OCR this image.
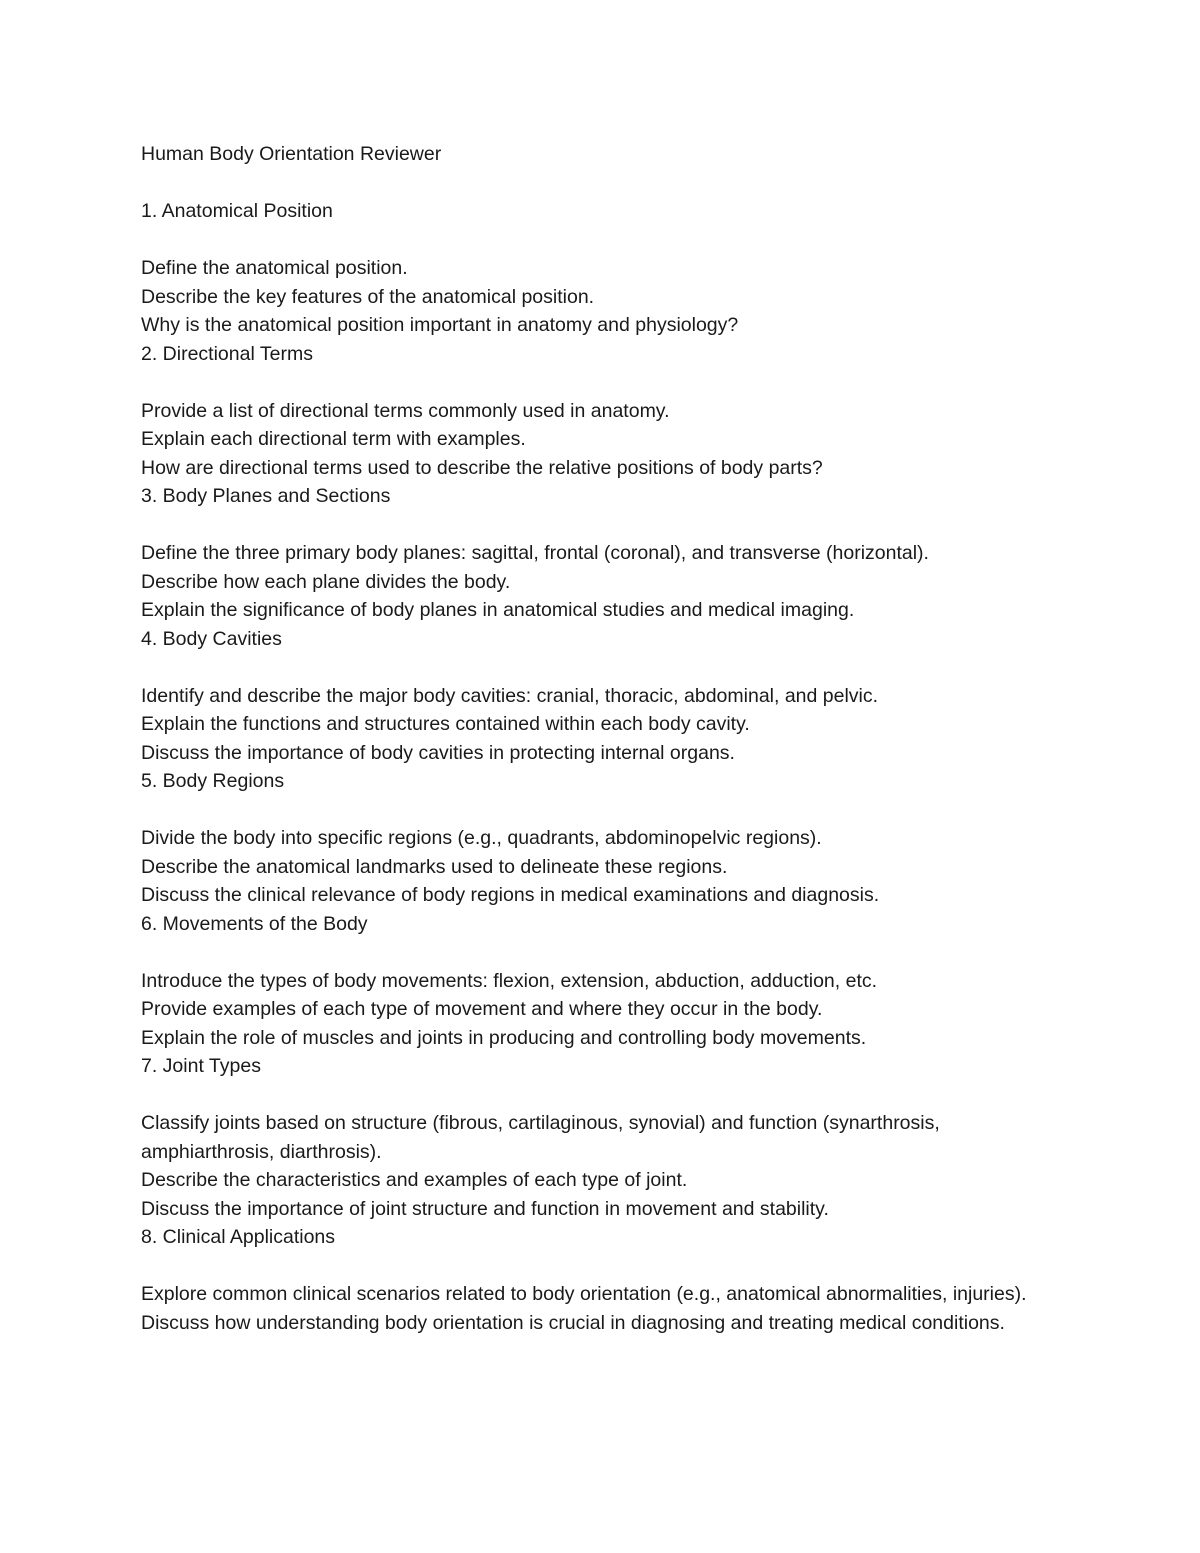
Human Body Orientation Reviewer
1. Anatomical Position
Define the anatomical position.
Describe the key features of the anatomical position.
Why is the anatomical position important in anatomy and physiology?
2. Directional Terms
Provide a list of directional terms commonly used in anatomy.
Explain each directional term with examples.
How are directional terms used to describe the relative positions of body parts?
3. Body Planes and Sections
Define the three primary body planes: sagittal, frontal (coronal), and transverse (horizontal).
Describe how each plane divides the body.
Explain the significance of body planes in anatomical studies and medical imaging.
4. Body Cavities
Identify and describe the major body cavities: cranial, thoracic, abdominal, and pelvic.
Explain the functions and structures contained within each body cavity.
Discuss the importance of body cavities in protecting internal organs.
5. Body Regions
Divide the body into specific regions (e.g., quadrants, abdominopelvic regions).
Describe the anatomical landmarks used to delineate these regions.
Discuss the clinical relevance of body regions in medical examinations and diagnosis.
6. Movements of the Body
Introduce the types of body movements: flexion, extension, abduction, adduction, etc.
Provide examples of each type of movement and where they occur in the body.
Explain the role of muscles and joints in producing and controlling body movements.
7. Joint Types
Classify joints based on structure (fibrous, cartilaginous, synovial) and function (synarthrosis, amphiarthrosis, diarthrosis).
Describe the characteristics and examples of each type of joint.
Discuss the importance of joint structure and function in movement and stability.
8. Clinical Applications
Explore common clinical scenarios related to body orientation (e.g., anatomical abnormalities, injuries).
Discuss how understanding body orientation is crucial in diagnosing and treating medical conditions.
